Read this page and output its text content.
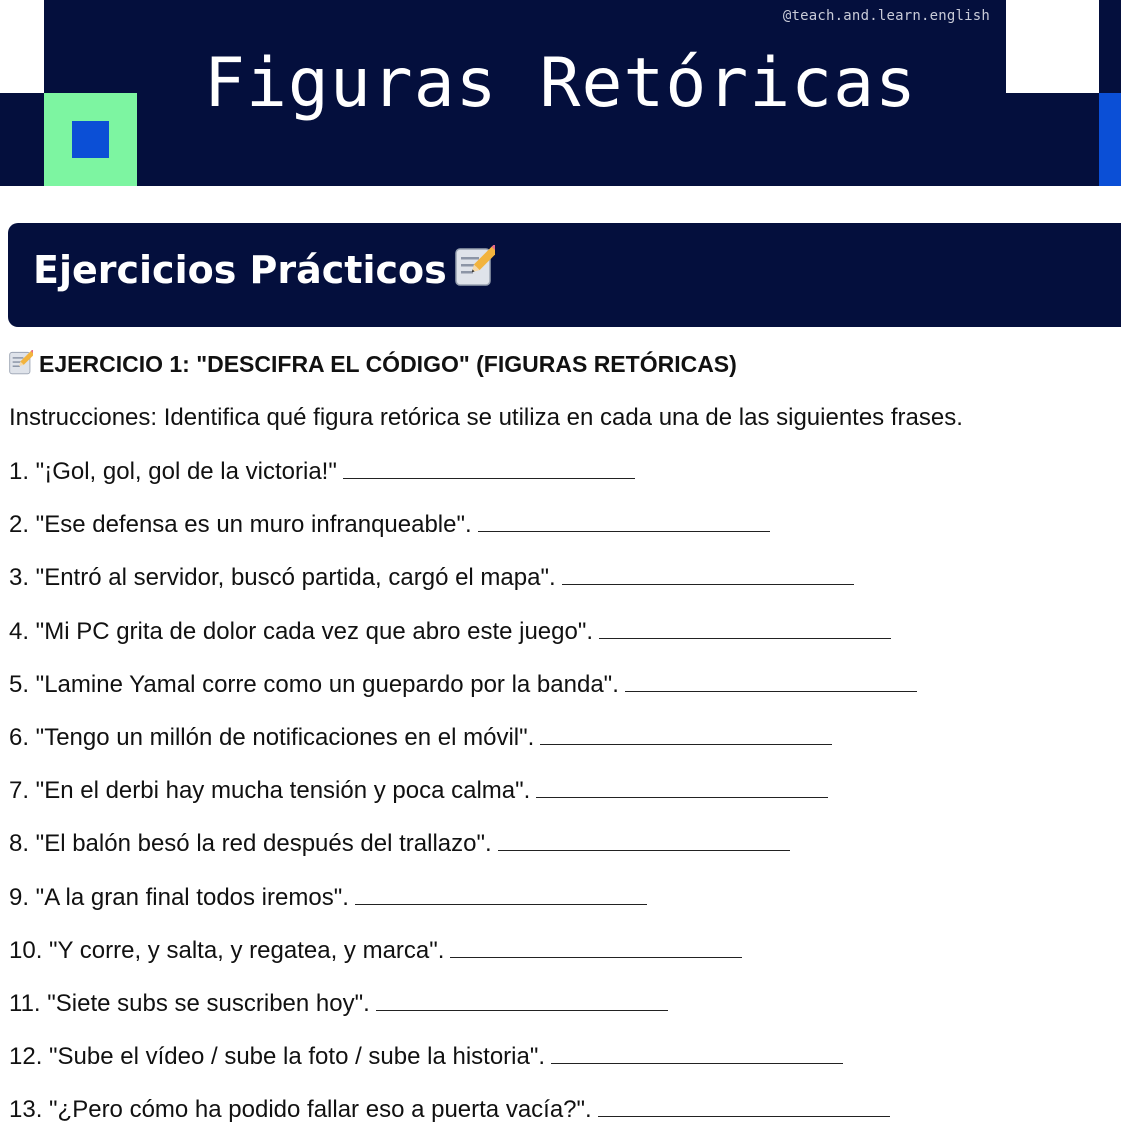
@teach.and.learn.english
Figuras Retóricas
Ejercicios Prácticos
EJERCICIO 1: "DESCIFRA EL CÓDIGO" (FIGURAS RETÓRICAS)
Instrucciones: Identifica qué figura retórica se utiliza en cada una de las siguientes frases.
1. "¡Gol, gol, gol de la victoria!"
2. "Ese defensa es un muro infranqueable".
3. "Entró al servidor, buscó partida, cargó el mapa".
4. "Mi PC grita de dolor cada vez que abro este juego".
5. "Lamine Yamal corre como un guepardo por la banda".
6. "Tengo un millón de notificaciones en el móvil".
7. "En el derbi hay mucha tensión y poca calma".
8. "El balón besó la red después del trallazo".
9. "A la gran final todos iremos".
10. "Y corre, y salta, y regatea, y marca".
11. "Siete subs se suscriben hoy".
12. "Sube el vídeo / sube la foto / sube la historia".
13. "¿Pero cómo ha podido fallar eso a puerta vacía?".
